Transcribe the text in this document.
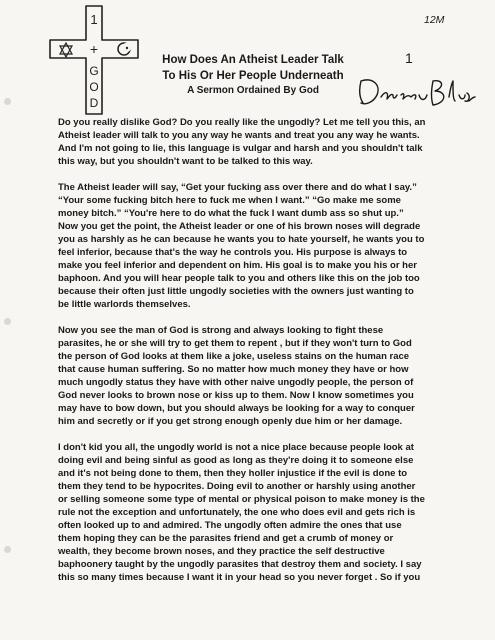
1
+
G
O
D
How Does An Atheist Leader Talk
To His Or Her People Underneath
A Sermon Ordained By God
12M
1

Do you really dislike God? Do you really like the ungodly? Let me tell you this, an
Atheist leader will talk to you any way he wants and treat you any way he wants.
And I'm not going to lie, this language is vulgar and harsh and you shouldn't talk
this way, but you shouldn't want to be talked to this way.

The Atheist leader will say, “Get your fucking ass over there and do what I say.”
“Your some fucking bitch here to fuck me when I want.” “Go make me some
money bitch.” “You're here to do what the fuck I want dumb ass so shut up.”
Now you get the point, the Atheist leader or one of his brown noses will degrade
you as harshly as he can because he wants you to hate yourself, he wants you to
feel inferior, because that's the way he controls you. His purpose is always to
make you feel inferior and dependent on him. His goal is to make you his or her
baphoon. And you will hear people talk to you and others like this on the job too
because their often just little ungodly societies with the owners just wanting to
be little warlords themselves.

Now you see the man of God is strong and always looking to fight these
parasites, he or she will try to get them to repent , but if they won't turn to God
the person of God looks at them like a joke, useless stains on the human race
that cause human suffering. So no matter how much money they have or how
much ungodly status they have with other naive ungodly people, the person of
God never looks to brown nose or kiss up to them. Now I know sometimes you
may have to bow down, but you should always be looking for a way to conquer
him and secretly or if you get strong enough openly due him or her damage.

I don't kid you all, the ungodly world is not a nice place because people look at
doing evil and being sinful as good as long as they're doing it to someone else
and it's not being done to them, then they holler injustice if the evil is done to
them they tend to be hypocrites. Doing evil to another or harshly using another
or selling someone some type of mental or physical poison to make money is the
rule not the exception and unfortunately, the one who does evil and gets rich is
often looked up to and admired. The ungodly often admire the ones that use
them hoping they can be the parasites friend and get a crumb of money or
wealth, they become brown noses, and they practice the self destructive
baphoonery taught by the ungodly parasites that destroy them and society. I say
this so many times because I want it in your head so you never forget . So if you
